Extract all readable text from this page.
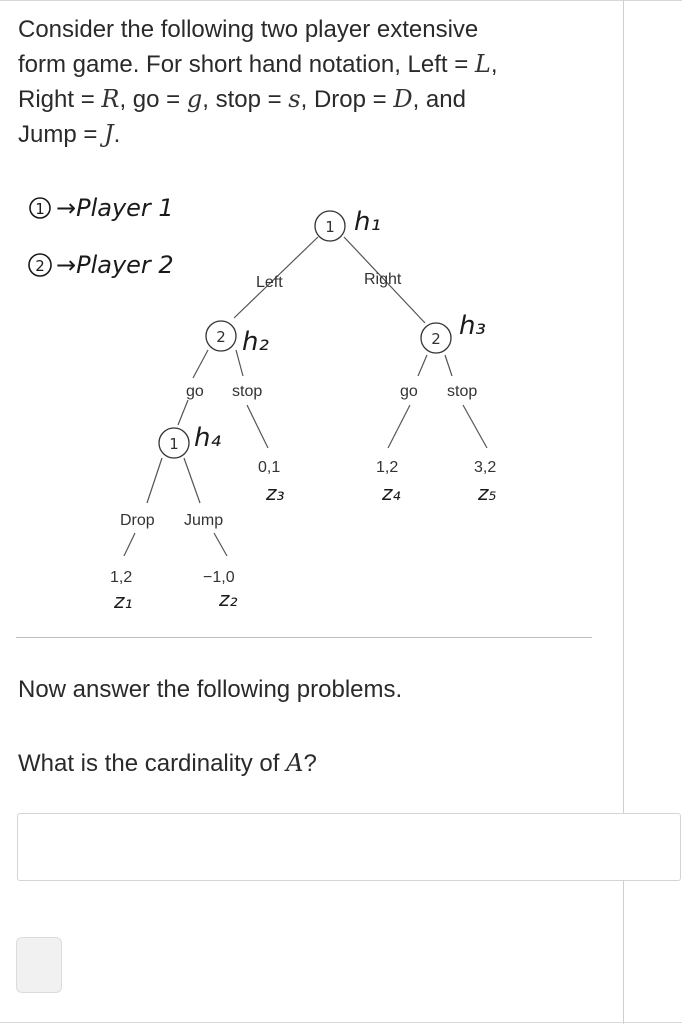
Consider the following two player extensive
form game. For short hand notation, Left = L,
Right = R, go = g, stop = s, Drop = D, and
Jump = J.
1 →Player 1
2 →Player 2
1 h₁
2 h₂	2 h₃
1 h₄
Left	Right
go stop	go stop
Drop Jump
1,2	−1,0
0,1	1,2	3,2
z₁	z₂
z₃	z₄	z₅
Now answer the following problems.
What is the cardinality of A?
